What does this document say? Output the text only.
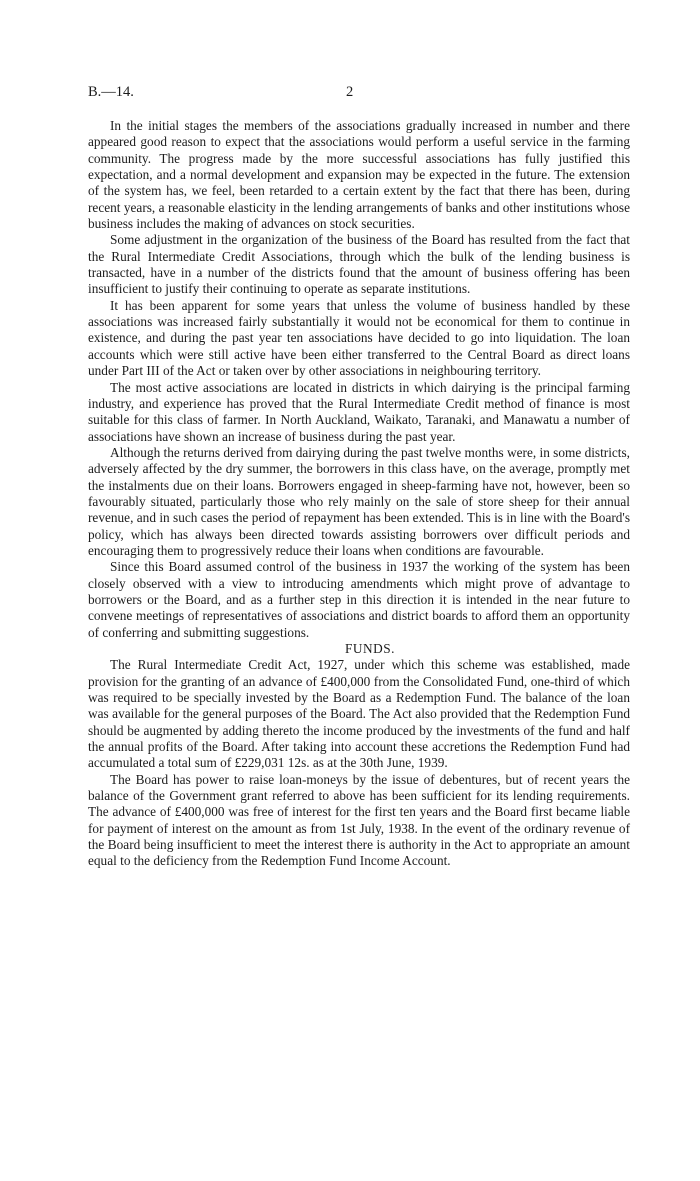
B.—14.	2

In the initial stages the members of the associations gradually increased in number and there appeared good reason to expect that the associations would perform a useful service in the farming community. The progress made by the more successful associations has fully justified this expectation, and a normal development and expansion may be expected in the future. The extension of the system has, we feel, been retarded to a certain extent by the fact that there has been, during recent years, a reasonable elasticity in the lending arrangements of banks and other institutions whose business includes the making of advances on stock securities.

Some adjustment in the organization of the business of the Board has resulted from the fact that the Rural Intermediate Credit Associations, through which the bulk of the lending business is transacted, have in a number of the districts found that the amount of business offering has been insufficient to justify their continuing to operate as separate institutions.

It has been apparent for some years that unless the volume of business handled by these associations was increased fairly substantially it would not be economical for them to continue in existence, and during the past year ten associations have decided to go into liquidation. The loan accounts which were still active have been either transferred to the Central Board as direct loans under Part III of the Act or taken over by other associations in neighbouring territory.

The most active associations are located in districts in which dairying is the principal farming industry, and experience has proved that the Rural Intermediate Credit method of finance is most suitable for this class of farmer. In North Auckland, Waikato, Taranaki, and Manawatu a number of associations have shown an increase of business during the past year.

Although the returns derived from dairying during the past twelve months were, in some districts, adversely affected by the dry summer, the borrowers in this class have, on the average, promptly met the instalments due on their loans. Borrowers engaged in sheep-farming have not, however, been so favourably situated, particularly those who rely mainly on the sale of store sheep for their annual revenue, and in such cases the period of repayment has been extended. This is in line with the Board's policy, which has always been directed towards assisting borrowers over difficult periods and encouraging them to progressively reduce their loans when conditions are favourable.

Since this Board assumed control of the business in 1937 the working of the system has been closely observed with a view to introducing amendments which might prove of advantage to borrowers or the Board, and as a further step in this direction it is intended in the near future to convene meetings of representatives of associations and district boards to afford them an opportunity of conferring and submitting suggestions.

FUNDS.

The Rural Intermediate Credit Act, 1927, under which this scheme was established, made provision for the granting of an advance of £400,000 from the Consolidated Fund, one-third of which was required to be specially invested by the Board as a Redemption Fund. The balance of the loan was available for the general purposes of the Board. The Act also provided that the Redemption Fund should be augmented by adding thereto the income produced by the investments of the fund and half the annual profits of the Board. After taking into account these accretions the Redemption Fund had accumulated a total sum of £229,031 12s. as at the 30th June, 1939.

The Board has power to raise loan-moneys by the issue of debentures, but of recent years the balance of the Government grant referred to above has been sufficient for its lending requirements. The advance of £400,000 was free of interest for the first ten years and the Board first became liable for payment of interest on the amount as from 1st July, 1938. In the event of the ordinary revenue of the Board being insufficient to meet the interest there is authority in the Act to appropriate an amount equal to the deficiency from the Redemption Fund Income Account.
